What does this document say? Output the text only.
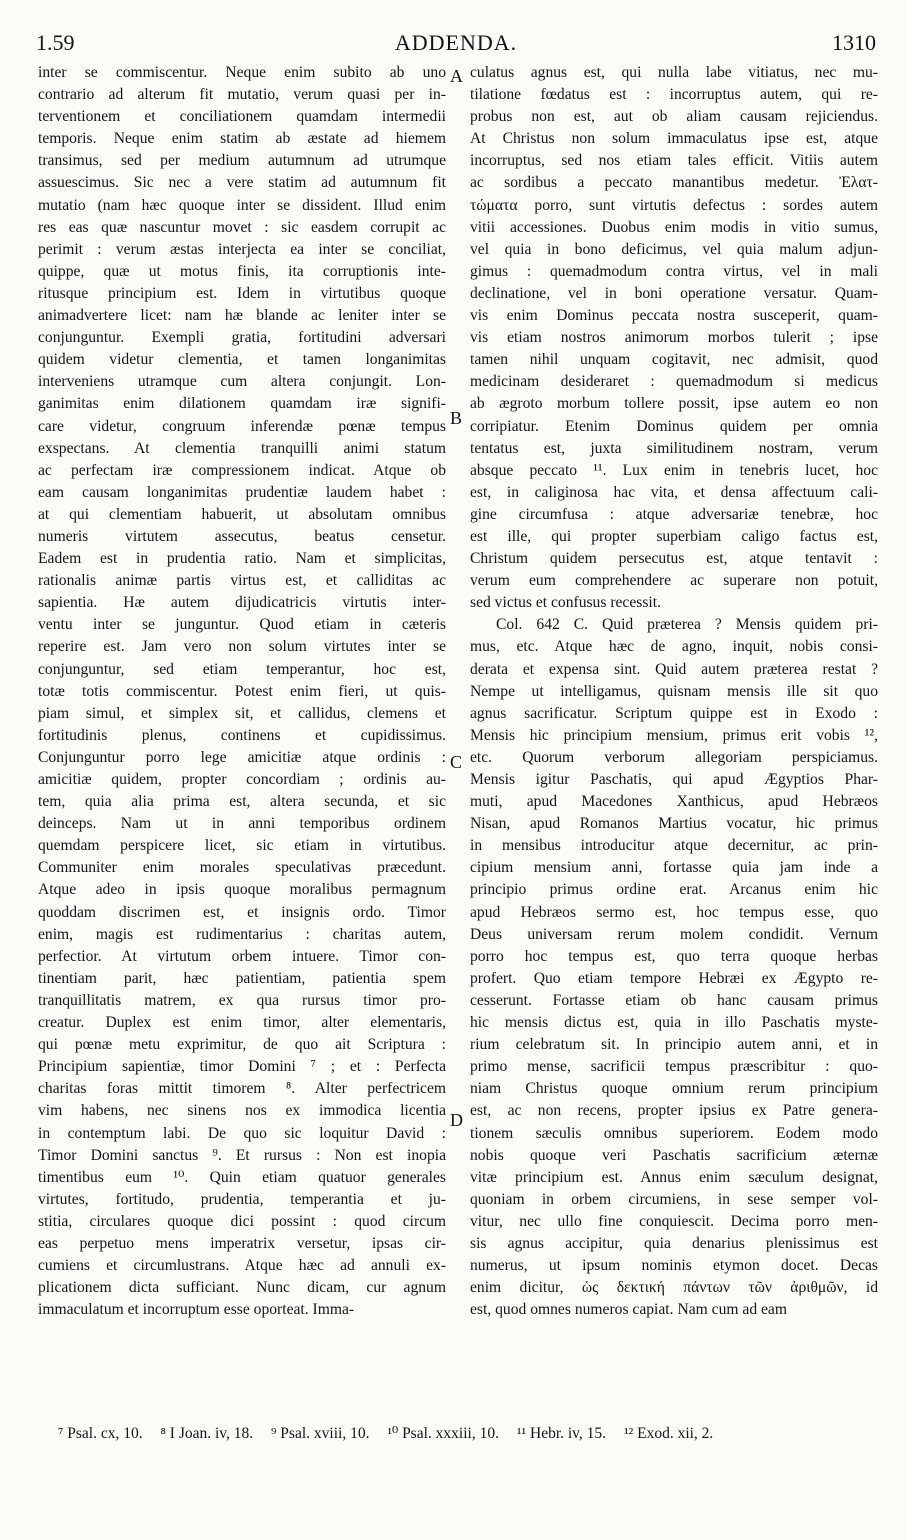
1.59	ADDENDA.	1310
inter se commiscentur. Neque enim subito ab uno
contrario ad alterum fit mutatio, verum quasi per in-
terventionem et conciliationem quamdam intermedii
temporis. Neque enim statim ab æstate ad hiemem
transimus, sed per medium autumnum ad utrumque
assuescimus. Sic nec a vere statim ad autumnum fit
mutatio (nam hæc quoque inter se dissident. Illud enim
res eas quæ nascuntur movet : sic easdem corrupit ac
perimit : verum æstas interjecta ea inter se conciliat,
quippe, quæ ut motus finis, ita corruptionis inte-
ritusque principium est. Idem in virtutibus quoque
animadvertere licet: nam hæ blande ac leniter inter se
conjunguntur. Exempli gratia, fortitudini adversari
quidem videtur clementia, et tamen longanimitas
interveniens utramque cum altera conjungit. Lon-
ganimitas enim dilationem quamdam iræ signifi-
care videtur, congruum inferendæ pœnæ tempus
exspectans. At clementia tranquilli animi statum
ac perfectam iræ compressionem indicat. Atque ob
eam causam longanimitas prudentiæ laudem habet :
at qui clementiam habuerit, ut absolutam omnibus
numeris virtutem assecutus, beatus censetur.
Eadem est in prudentia ratio. Nam et simplicitas,
rationalis animæ partis virtus est, et calliditas ac
sapientia. Hæ autem dijudicatricis virtutis inter-
ventu inter se junguntur. Quod etiam in cæteris
reperire est. Jam vero non solum virtutes inter se
conjunguntur, sed etiam temperantur, hoc est,
totæ totis commiscentur. Potest enim fieri, ut quis-
piam simul, et simplex sit, et callidus, clemens et
fortitudinis plenus, continens et cupidissimus.
Conjunguntur porro lege amicitiæ atque ordinis :
amicitiæ quidem, propter concordiam ; ordinis au-
tem, quia alia prima est, altera secunda, et sic
deinceps. Nam ut in anni temporibus ordinem
quemdam perspicere licet, sic etiam in virtutibus.
Communiter enim morales speculativas præcedunt.
Atque adeo in ipsis quoque moralibus permagnum
quoddam discrimen est, et insignis ordo. Timor
enim, magis est rudimentarius : charitas autem,
perfectior. At virtutum orbem intuere. Timor con-
tinentiam parit, hæc patientiam, patientia spem
tranquillitatis matrem, ex qua rursus timor pro-
creatur. Duplex est enim timor, alter elementaris,
qui pœnæ metu exprimitur, de quo ait Scriptura :
Principium sapientiæ, timor Domini ⁷ ; et : Perfecta
charitas foras mittit timorem ⁸. Alter perfectricem
vim habens, nec sinens nos ex immodica licentia
in contemptum labi. De quo sic loquitur David :
Timor Domini sanctus ⁹. Et rursus : Non est inopia
timentibus eum ¹⁰. Quin etiam quatuor generales
virtutes, fortitudo, prudentia, temperantia et ju-
stitia, circulares quoque dici possint : quod circum
eas perpetuo mens imperatrix versetur, ipsas cir-
cumiens et circumlustrans. Atque hæc ad annuli ex-
plicationem dicta sufficiant. Nunc dicam, cur agnum
immaculatum et incorruptum esse oporteat. Imma-
culatus agnus est, qui nulla labe vitiatus, nec mu-
tilatione fœdatus est : incorruptus autem, qui re-
probus non est, aut ob aliam causam rejiciendus.
At Christus non solum immaculatus ipse est, atque
incorruptus, sed nos etiam tales efficit. Vitiis autem
ac sordibus a peccato manantibus medetur. Ἐλατ-
τώματα porro, sunt virtutis defectus : sordes autem
vitii accessiones. Duobus enim modis in vitio sumus,
vel quia in bono deficimus, vel quia malum adjun-
gimus : quemadmodum contra virtus, vel in mali
declinatione, vel in boni operatione versatur. Quam-
vis enim Dominus peccata nostra susceperit, quam-
vis etiam nostros animorum morbos tulerit ; ipse
tamen nihil unquam cogitavit, nec admisit, quod
medicinam desideraret : quemadmodum si medicus
ab ægroto morbum tollere possit, ipse autem eo non
corripiatur. Etenim Dominus quidem per omnia
tentatus est, juxta similitudinem nostram, verum
absque peccato ¹¹. Lux enim in tenebris lucet, hoc
est, in caliginosa hac vita, et densa affectuum cali-
gine circumfusa : atque adversariæ tenebræ, hoc
est ille, qui propter superbiam caligo factus est,
Christum quidem persecutus est, atque tentavit :
verum eum comprehendere ac superare non potuit,
sed victus et confusus recessit.
Col. 642 C. Quid præterea ? Mensis quidem pri-
mus, etc. Atque hæc de agno, inquit, nobis consi-
derata et expensa sint. Quid autem præterea restat ?
Nempe ut intelligamus, quisnam mensis ille sit quo
agnus sacrificatur. Scriptum quippe est in Exodo :
Mensis hic principium mensium, primus erit vobis ¹²,
etc. Quorum verborum allegoriam perspiciamus.
Mensis igitur Paschatis, qui apud Ægyptios Phar-
muti, apud Macedones Xanthicus, apud Hebræos
Nisan, apud Romanos Martius vocatur, hic primus
in mensibus introducitur atque decernitur, ac prin-
cipium mensium anni, fortasse quia jam inde a
principio primus ordine erat. Arcanus enim hic
apud Hebræos sermo est, hoc tempus esse, quo
Deus universam rerum molem condidit. Vernum
porro hoc tempus est, quo terra quoque herbas
profert. Quo etiam tempore Hebræi ex Ægypto re-
cesserunt. Fortasse etiam ob hanc causam primus
hic mensis dictus est, quia in illo Paschatis myste-
rium celebratum sit. In principio autem anni, et in
primo mense, sacrificii tempus præscribitur : quo-
niam Christus quoque omnium rerum principium
est, ac non recens, propter ipsius ex Patre genera-
tionem sæculis omnibus superiorem. Eodem modo
nobis quoque veri Paschatis sacrificium æternæ
vitæ principium est. Annus enim sæculum designat,
quoniam in orbem circumiens, in sese semper vol-
vitur, nec ullo fine conquiescit. Decima porro men-
sis agnus accipitur, quia denarius plenissimus est
numerus, ut ipsum nominis etymon docet. Decas
enim dicitur, ὡς δεκτική πάντων τῶν ἀριθμῶν, id
est, quod omnes numeros capiat. Nam cum ad eam
A
B
C
D
⁷ Psal. cx, 10. ⁸ I Joan. iv, 18. ⁹ Psal. xviii, 10. ¹⁰ Psal. xxxiii, 10. ¹¹ Hebr. iv, 15. ¹² Exod. xii, 2.
